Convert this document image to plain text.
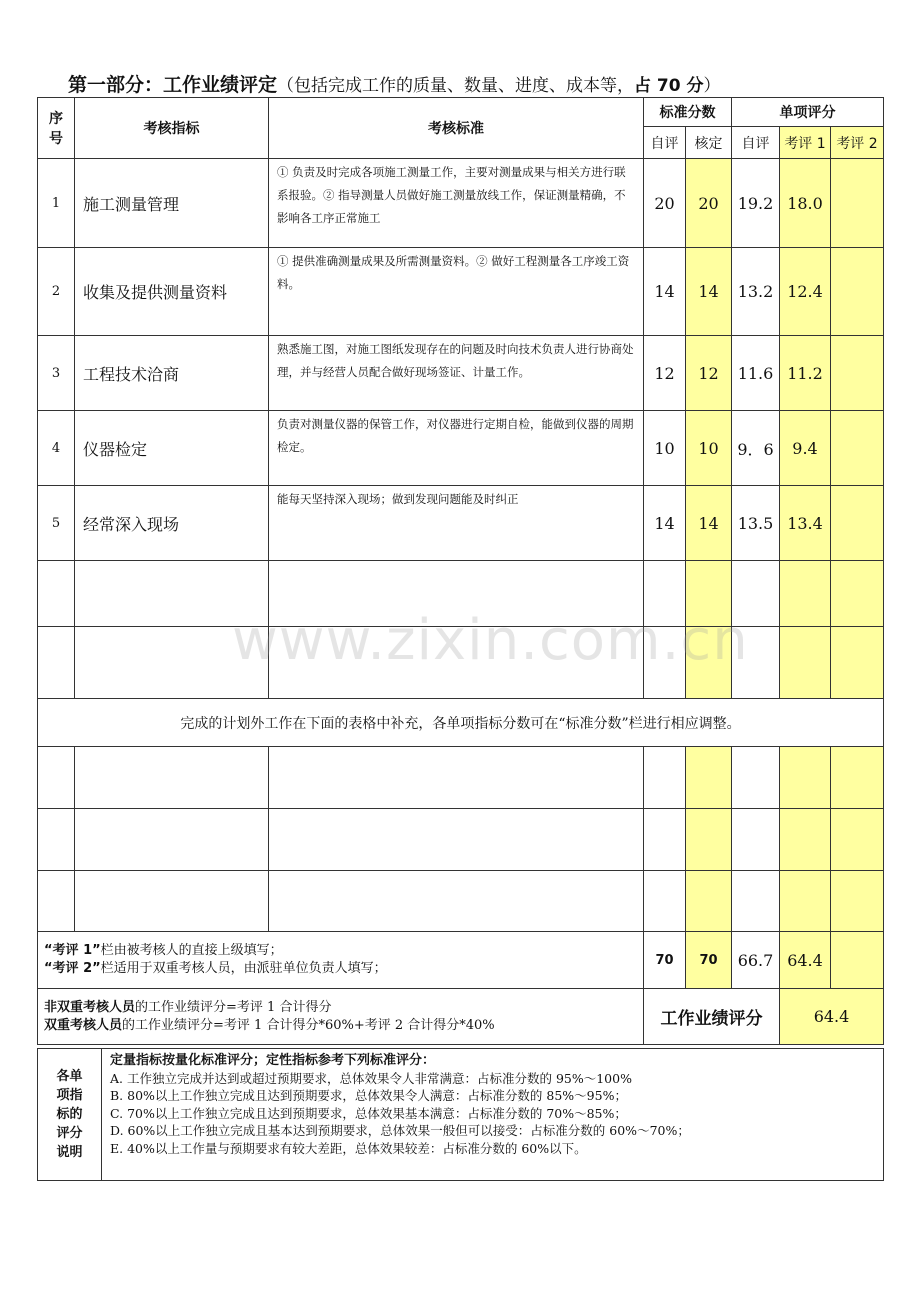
第一部分：工作业绩评定（包括完成工作的质量、数量、进度、成本等，占 70 分）
序号	考核指标	考核标准	标准分数		单项评分		
			自评	核定	自评	考评 1	考评 2
1	施工测量管理	① 负责及时完成各项施工测量工作，主要对测量成果与相关方进行联系报验。② 指导测量人员做好施工测量放线工作，保证测量精确，不影响各工序正常施工	20	20	19.2	18.0	
2	收集及提供测量资料	① 提供准确测量成果及所需测量资料。② 做好工程测量各工序竣工资料。	14	14	13.2	12.4	
3	工程技术洽商	熟悉施工图，对施工图纸发现存在的问题及时向技术负责人进行协商处理，并与经营人员配合做好现场签证、计量工作。	12	12	11.6	11.2	
4	仪器检定	负责对测量仪器的保管工作，对仪器进行定期自检，能做到仪器的周期检定。	10	10	9．6	9.4	
5	经常深入现场	能每天坚持深入现场；做到发现问题能及时纠正	14	14	13.5	13.4	

完成的计划外工作在下面的表格中补充，各单项指标分数可在“标准分数”栏进行相应调整。							

“考评 1”栏由被考核人的直接上级填写；
“考评 2”栏适用于双重考核人员，由派驻单位负责人填写；			70	70	66.7	64.4	

非双重考核人员的工作业绩评分=考评 1 合计得分
双重考核人员的工作业绩评分=考评 1 合计得分*60%+考评 2 合计得分*40%			工作业绩评分			64.4	
各单项指标的评分说明

定量指标按量化标准评分；定性指标参考下列标准评分：
A. 工作独立完成并达到或超过预期要求，总体效果令人非常满意：占标准分数的 95%～100%
B. 80%以上工作独立完成且达到预期要求，总体效果令人满意：占标准分数的 85%～95%；
C. 70%以上工作独立完成且达到预期要求，总体效果基本满意：占标准分数的 70%～85%；
D. 60%以上工作独立完成且基本达到预期要求，总体效果一般但可以接受：占标准分数的 60%～70%；
E. 40%以上工作量与预期要求有较大差距，总体效果较差：占标准分数的 60%以下。
www.zixin.com.cn
